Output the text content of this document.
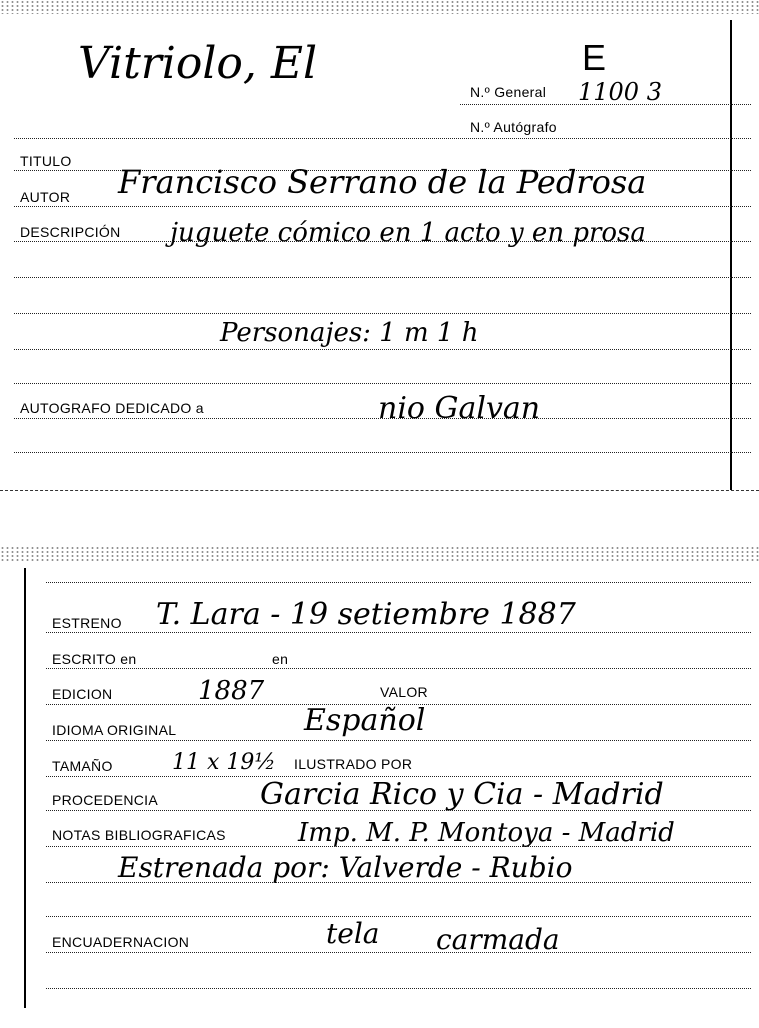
Vitriolo, El	E
N.º General 1100 3
N.º Autógrafo
TITULO
AUTOR Francisco Serrano de la Pedrosa
DESCRIPCIÓN juguete cómico en 1 acto y en prosa
Personajes: 1 m 1 h
AUTOGRAFO DEDICADO a	nio Galvan
ESTRENO T. Lara - 19 setiembre 1887
ESCRITO en	en
EDICION	1887	VALOR
IDIOMA ORIGINAL	Español
TAMAÑO	11 x 19½ ILUSTRADO POR
PROCEDENCIA	Garcia Rico y Cia - Madrid
NOTAS BIBLIOGRAFICAS	Imp. M. P. Montoya - Madrid
Estrenada por: Valverde - Rubio
ENCUADERNACION	tela carmada
